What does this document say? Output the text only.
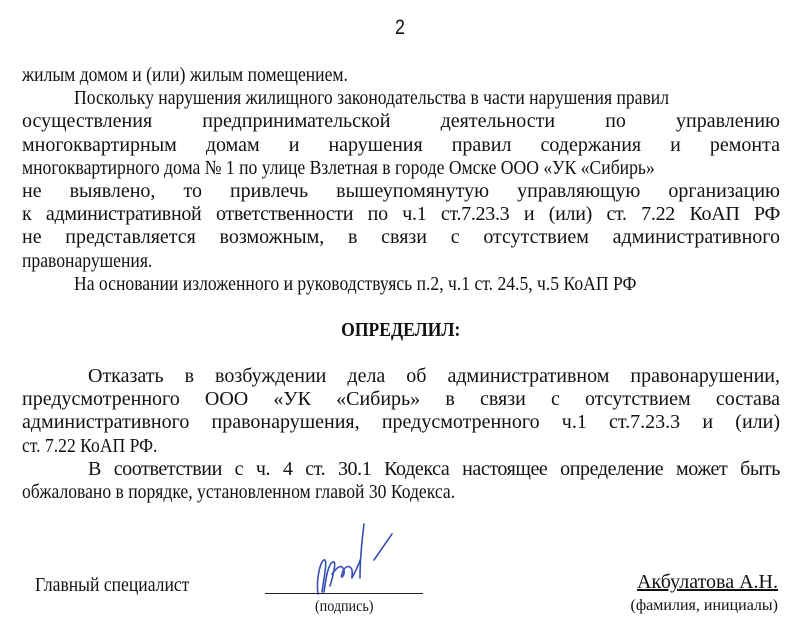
2
жилым домом и (или) жилым помещением.
Поскольку нарушения жилищного законодательства в части нарушения правил
осуществления предпринимательской деятельности по управлению
многоквартирным домам и нарушения правил содержания и ремонта
многоквартирного дома № 1 по улице Взлетная в городе Омске ООО «УК «Сибирь»
не выявлено, то привлечь вышеупомянутую управляющую организацию
к административной ответственности по ч.1 ст.7.23.3 и (или) ст. 7.22 КоАП РФ
не представляется возможным, в связи с отсутствием административного
правонарушения.
На основании изложенного и руководствуясь п.2, ч.1 ст. 24.5, ч.5 КоАП РФ
ОПРЕДЕЛИЛ:
Отказать в возбуждении дела об административном правонарушении,
предусмотренного ООО «УК «Сибирь» в связи с отсутствием состава
административного правонарушения, предусмотренного ч.1 ст.7.23.3 и (или)
ст. 7.22 КоАП РФ.
В соответствии с ч. 4 ст. 30.1 Кодекса настоящее определение может быть
обжаловано в порядке, установленном главой 30 Кодекса.
Главный специалист
(подпись)
Акбулатова А.Н.
(фамилия, инициалы)
